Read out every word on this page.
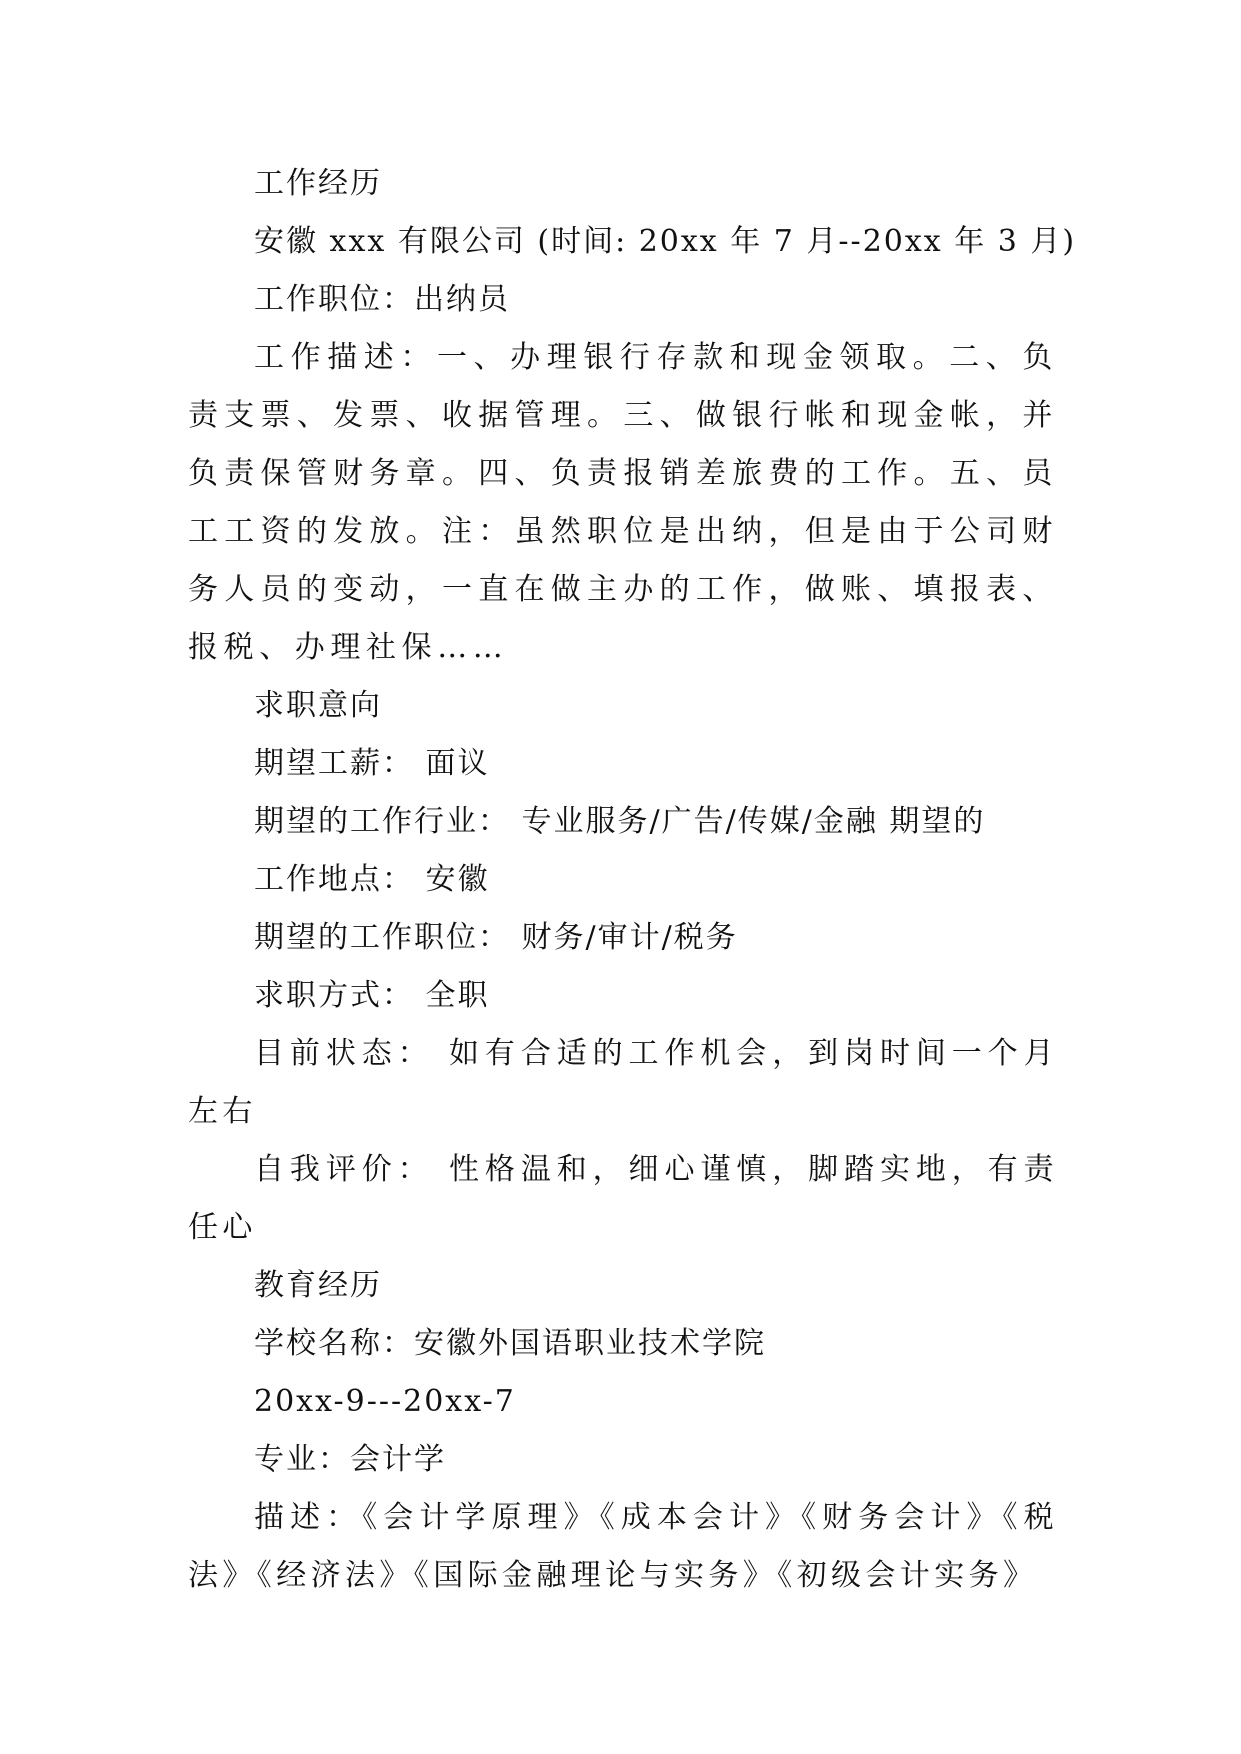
工作经历
安徽 xxx 有限公司 (时间: 20xx 年 7 月--20xx 年 3 月)
工作职位：出纳员
工作描述：一、办理银行存款和现金领取。二、负责支票、发票、收据管理。三、做银行帐和现金帐，并负责保管财务章。四、负责报销差旅费的工作。五、员工工资的发放。注：虽然职位是出纳，但是由于公司财务人员的变动，一直在做主办的工作，做账、填报表、报税、办理社保……
求职意向
期望工薪： 面议
期望的工作行业： 专业服务/广告/传媒/金融 期望的
工作地点： 安徽
期望的工作职位： 财务/审计/税务
求职方式： 全职
目前状态： 如有合适的工作机会，到岗时间一个月左右
自我评价： 性格温和，细心谨慎，脚踏实地，有责任心
教育经历
学校名称：安徽外国语职业技术学院
20xx-9---20xx-7
专业：会计学
描述：《会计学原理》《成本会计》《财务会计》《税法》《经济法》《国际金融理论与实务》《初级会计实务》
